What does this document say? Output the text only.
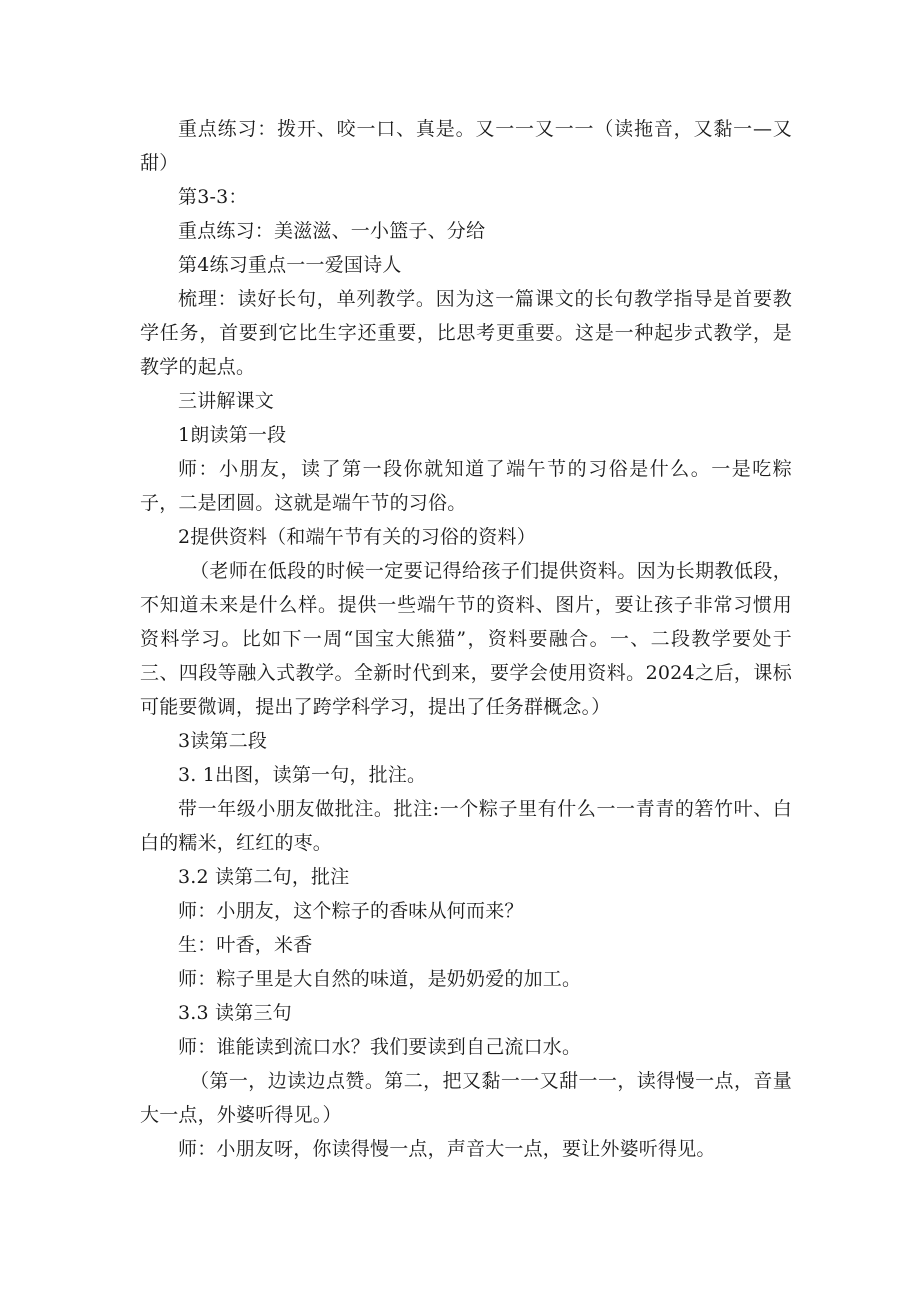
重点练习：拨开、咬一口、真是。又一一又一一（读拖音，又黏一—又甜）

第3-3：

重点练习：美滋滋、一小篮子、分给

第4练习重点一一爱国诗人

梳理：读好长句，单列教学。因为这一篇课文的长句教学指导是首要教学任务，首要到它比生字还重要，比思考更重要。这是一种起步式教学，是教学的起点。

三讲解课文

1朗读第一段

师：小朋友，读了第一段你就知道了端午节的习俗是什么。一是吃粽子，二是团圆。这就是端午节的习俗。

2提供资料（和端午节有关的习俗的资料）

（老师在低段的时候一定要记得给孩子们提供资料。因为长期教低段，不知道未来是什么样。提供一些端午节的资料、图片，要让孩子非常习惯用资料学习。比如下一周“国宝大熊猫”，资料要融合。一、二段教学要处于三、四段等融入式教学。全新时代到来，要学会使用资料。2024之后，课标可能要微调，提出了跨学科学习，提出了任务群概念。）

3读第二段

3. 1出图，读第一句，批注。

带一年级小朋友做批注。批注:一个粽子里有什么一一青青的箬竹叶、白白的糯米，红红的枣。

3.2 读第二句，批注

师：小朋友，这个粽子的香味从何而来？

生：叶香，米香

师：粽子里是大自然的味道，是奶奶爱的加工。

3.3 读第三句

师：谁能读到流口水？我们要读到自己流口水。

（第一，边读边点赞。第二，把又黏一一又甜一一，读得慢一点，音量大一点，外婆听得见。）

师：小朋友呀，你读得慢一点，声音大一点，要让外婆听得见。
